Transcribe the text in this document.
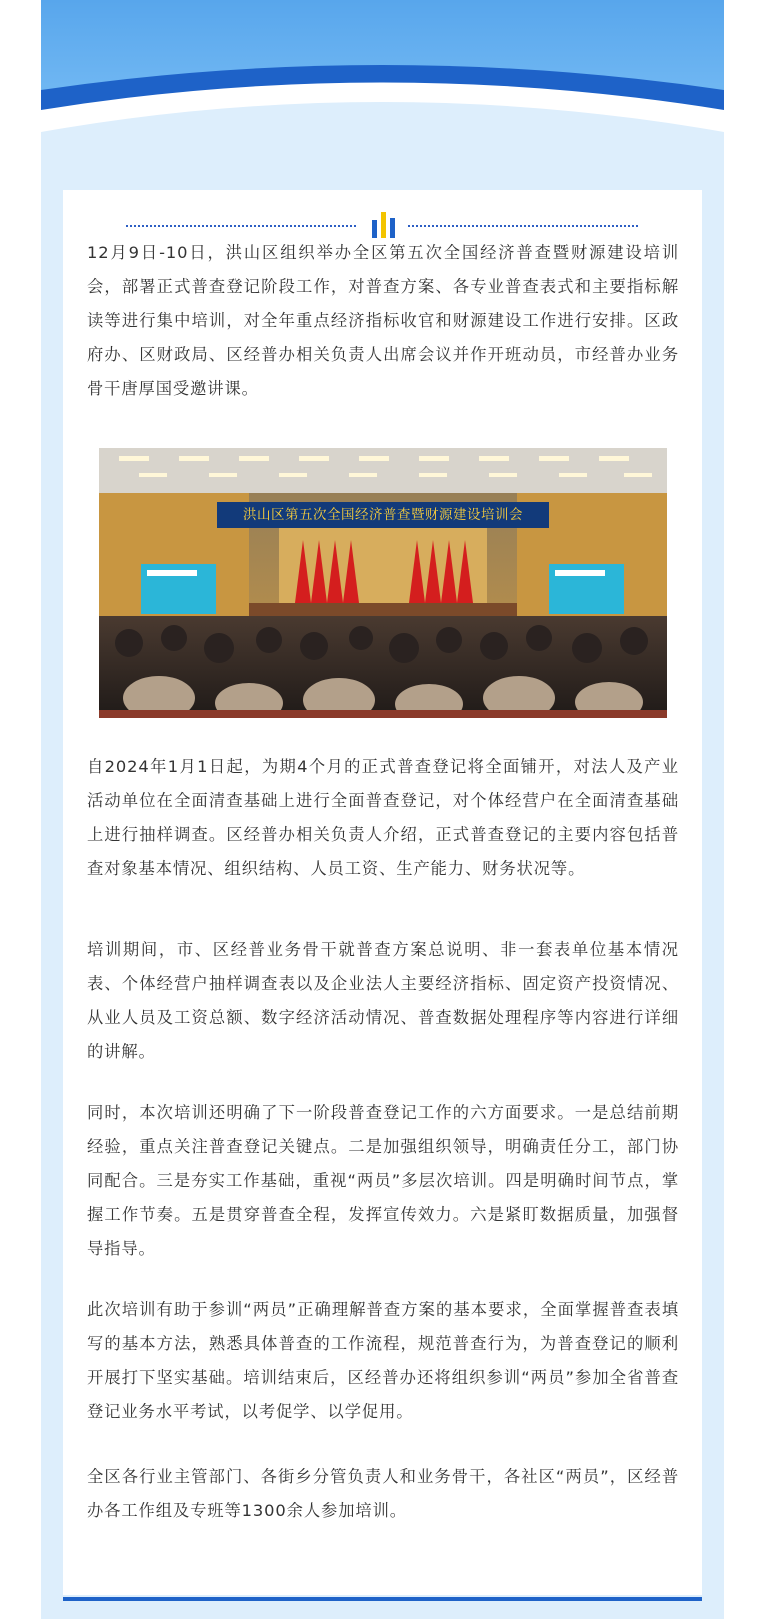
12月9日-10日，洪山区组织举办全区第五次全国经济普查暨财源建设培训会，部署正式普查登记阶段工作，对普查方案、各专业普查表式和主要指标解读等进行集中培训，对全年重点经济指标收官和财源建设工作进行安排。区政府办、区财政局、区经普办相关负责人出席会议并作开班动员，市经普办业务骨干唐厚国受邀讲课。

洪山区第五次全国经济普查暨财源建设培训会

自2024年1月1日起，为期4个月的正式普查登记将全面铺开，对法人及产业活动单位在全面清查基础上进行全面普查登记，对个体经营户在全面清查基础上进行抽样调查。区经普办相关负责人介绍，正式普查登记的主要内容包括普查对象基本情况、组织结构、人员工资、生产能力、财务状况等。

培训期间，市、区经普业务骨干就普查方案总说明、非一套表单位基本情况表、个体经营户抽样调查表以及企业法人主要经济指标、固定资产投资情况、从业人员及工资总额、数字经济活动情况、普查数据处理程序等内容进行详细的讲解。

同时，本次培训还明确了下一阶段普查登记工作的六方面要求。一是总结前期经验，重点关注普查登记关键点。二是加强组织领导，明确责任分工，部门协同配合。三是夯实工作基础，重视“两员”多层次培训。四是明确时间节点，掌握工作节奏。五是贯穿普查全程，发挥宣传效力。六是紧盯数据质量，加强督导指导。

此次培训有助于参训“两员”正确理解普查方案的基本要求，全面掌握普查表填写的基本方法，熟悉具体普查的工作流程，规范普查行为，为普查登记的顺利开展打下坚实基础。培训结束后，区经普办还将组织参训“两员”参加全省普查登记业务水平考试，以考促学、以学促用。

全区各行业主管部门、各街乡分管负责人和业务骨干，各社区“两员”，区经普办各工作组及专班等1300余人参加培训。
